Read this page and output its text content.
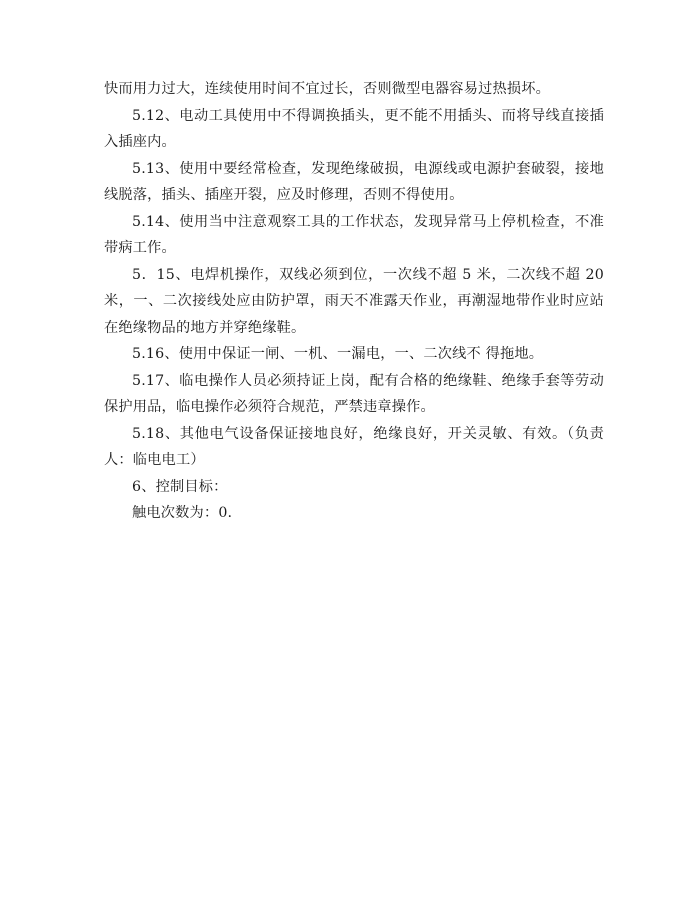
快而用力过大，连续使用时间不宜过长，否则微型电器容易过热损坏。

5.12、电动工具使用中不得调换插头，更不能不用插头、而将导线直接插入插座内。

5.13、使用中要经常检查，发现绝缘破损，电源线或电源护套破裂，接地线脱落，插头、插座开裂，应及时修理，否则不得使用。

5.14、使用当中注意观察工具的工作状态，发现异常马上停机检查，不准带病工作。

5．15、电焊机操作，双线必须到位，一次线不超 5 米，二次线不超 20 米，一、二次接线处应由防护罩，雨天不准露天作业，再潮湿地带作业时应站在绝缘物品的地方并穿绝缘鞋。

5.16、使用中保证一闸、一机、一漏电，一、二次线不 得拖地。

5.17、临电操作人员必须持证上岗，配有合格的绝缘鞋、绝缘手套等劳动保护用品，临电操作必须符合规范，严禁违章操作。

5.18、其他电气设备保证接地良好，绝缘良好，开关灵敏、有效。（负责人：临电电工）

6、控制目标：

触电次数为：0.
